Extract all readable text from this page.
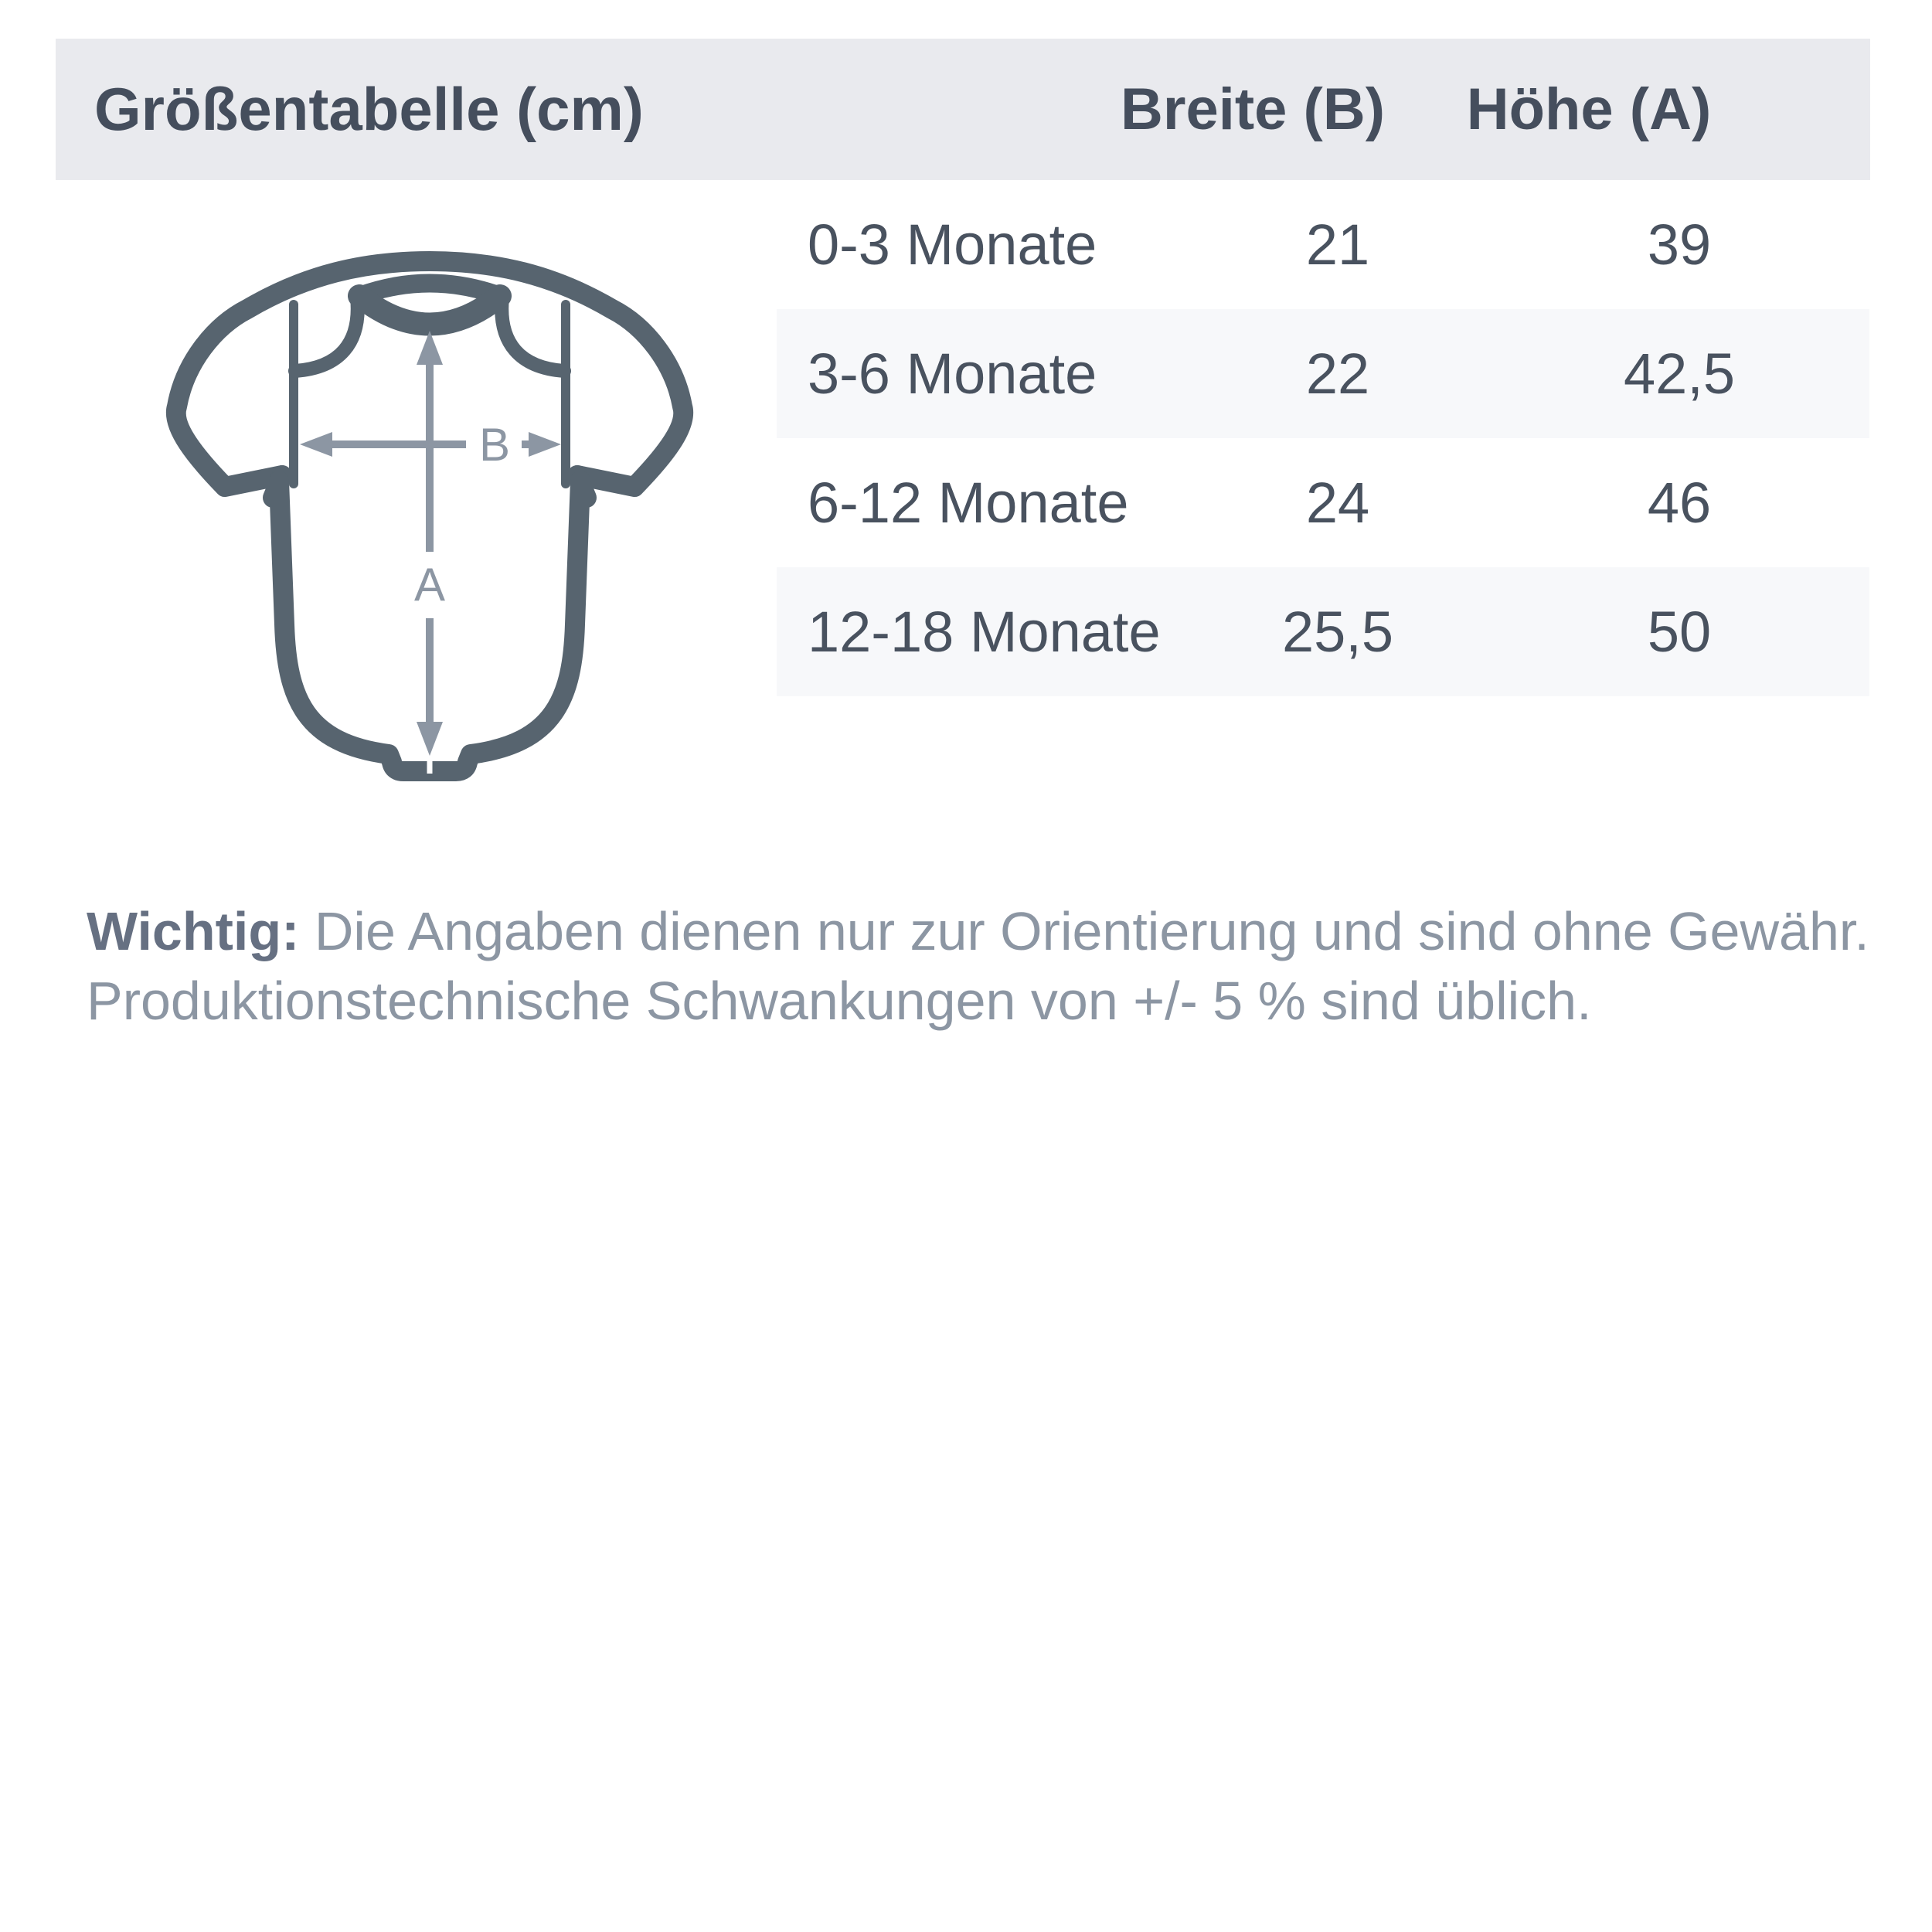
Größentabelle (cm)	Breite (B) Höhe (A)
B
A
0-3 Monate	21	39
3-6 Monate	22	42,5
6-12 Monate	24	46
12-18 Monate 25,5	50

Wichtig: Die Angaben dienen nur zur Orientierung und sind ohne Gewähr.
Produktionstechnische Schwankungen von +/- 5 % sind üblich.
